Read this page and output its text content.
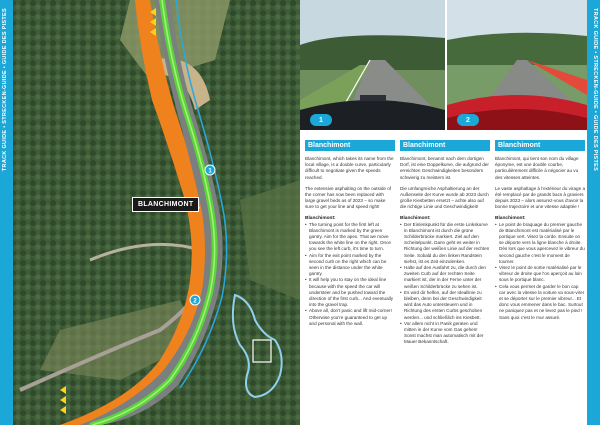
1
2
TRACK GUIDE • STRECKEN-GUIDE • GUIDE DES PISTES
BLANCHIMONT
1	2
Blanchimont

Blanchimont, which takes its name from the local village, is a double curve, particularly difficult to negotiate given the speeds reached.

The extensive asphalting on the outside of the corner has now been replaced with large gravel beds as of 2023 – so make sure to get your line and speed right!

Blanchimont:
• The turning point for the first left at Blanchimont is marked by the green gantry. Aim for the apex. That we move towards the white line on the right. Once you see the left curb, it's time to turn.
• Aim for the exit point marked by the second curb on the right which can be seen in the distance under the white gantry.
• It will help you to stay on the ideal line because with the speed the car will understeer and be pushed toward the direction of the first curb... And eventually into the gravel trap.
• Above all, don't panic and lift mid-corner! Otherwise you're guaranteed to get up and personal with the wall.
Blanchimont

Blanchimont, benannt nach dem dortigen Dorf, ist eine Doppelkurve, die aufgrund der erreichten Geschwindigkeiten besonders schwierig zu meistern ist.

Die umfangreiche Asphaltierung an der Außenseite der Kurve wurde ab 2023 durch große Kiesbetten ersetzt – achte also auf die richtige Linie und Geschwindigkeit!

Blanchimont:
• Der Einlenkpunkt für die erste Linkskurve in Blanchimont ist durch die grüne Schilderbrücke markiert. Ziel auf den Scheitelpunkt. Dann geht es weiter in Richtung der weißen Linie auf der rechten Seite. Sobald du den linken Randstein siehst, ist es Zeit einzulenken.
• Halte auf den Ausfahrt zu, die durch den zweiten Curb auf der rechten Seite markiert ist, der in der Ferne unter der weißen Schilderbrücke zu sehen ist.
• Es wird dir helfen, auf der Ideallinie zu bleiben, denn bei der Geschwindigkeit wird das Auto untersteuern und in Richtung des ersten Curbs geschoben werden... und schließlich ins Kiesbett.
• Vor allem nicht in Panik geraten und mitten in der Kurve vom Gas gehen! Sonst machst man automatisch mit der Mauer Bekanntschaft.
Blanchimont

Blanchimont, qui tient son nom du village éponyme, est une double courbe, particulièrement difficile à négocier au vu des vitesses atteintes.

Le vaste asphaltage à l'extérieur du virage a été remplacé par de grands bacs à graviers depuis 2023 – alors assurez-vous d'avoir la bonne trajectoire et une vitesse adaptée !

Blanchimont:
• Le point de braquage du premier gauche de Blanchimont est matérialisé par le portique vert. Visez la corde. Ensuite on se déporte vers la ligne blanche à droite. Dès lors que vous apercevez le vibreur du second gauche c'est le moment de tourner.
• Visez le point de sortie matérialisé par le vibreur de droite que l'on aperçoit au loin sous le portique blanc.
• Cela vous permet de garder le bon cap car avec la vitesse la voiture va sous-virer et se déporter sur le premier vibreur... Et donc vous emmener dans le bac. Surtout ne paniquez pas et ne levez pas le pied ! Sans quoi c'est le mur assuré.
TRACK GUIDE • STRECKEN-GUIDE • GUIDE DES PISTES
